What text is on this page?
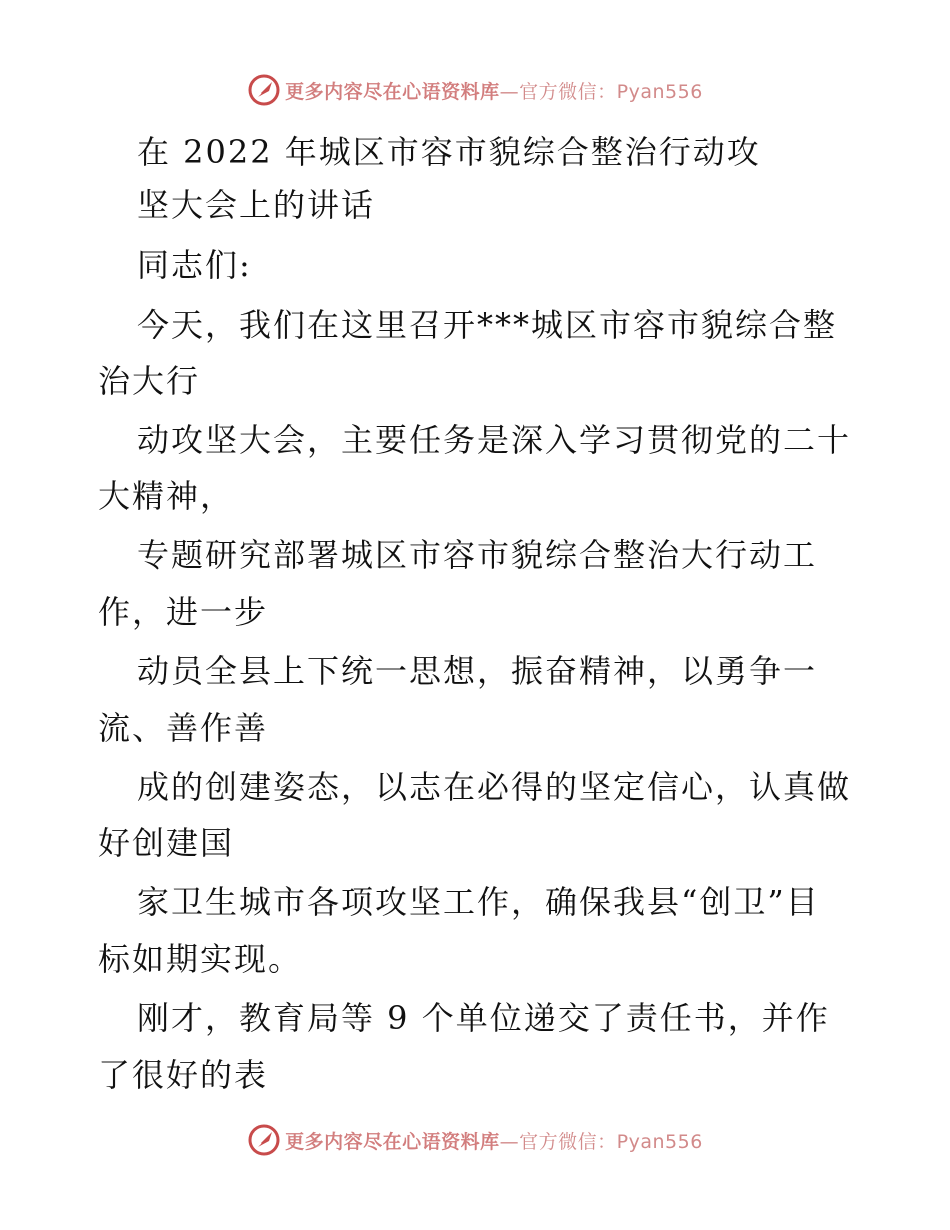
更多内容尽在心语资料库—官方微信：Pyan556
在 2022 年城区市容市貌综合整治行动攻
坚大会上的讲话
同志们:
今天，我们在这里召开***城区市容市貌综合整
治大行
动攻坚大会，主要任务是深入学习贯彻党的二十
大精神，
专题研究部署城区市容市貌综合整治大行动工
作，进一步
动员全县上下统一思想，振奋精神，以勇争一
流、善作善
成的创建姿态，以志在必得的坚定信心，认真做
好创建国
家卫生城市各项攻坚工作，确保我县“创卫”目
标如期实现。
刚才，教育局等 9 个单位递交了责任书，并作
了很好的表
更多内容尽在心语资料库—官方微信：Pyan556
